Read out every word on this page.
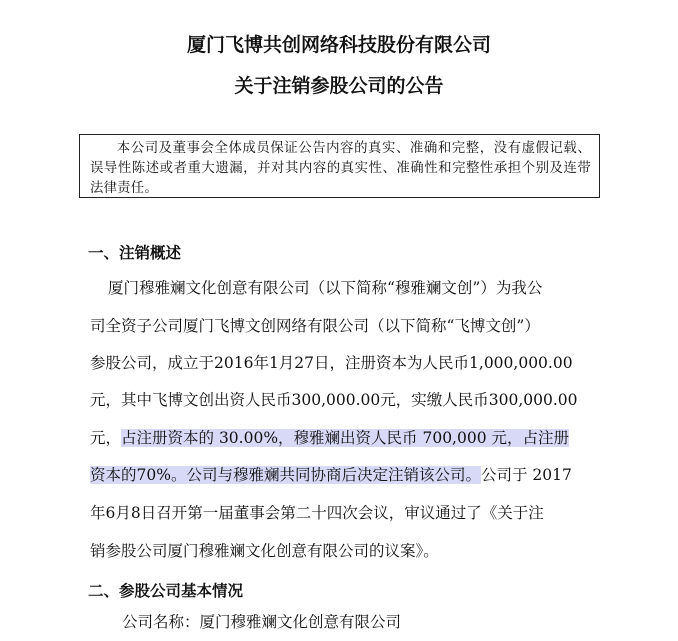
厦门飞博共创网络科技股份有限公司
关于注销参股公司的公告
本公司及董事会全体成员保证公告内容的真实、准确和完整，没有虚假记载、误导性陈述或者重大遗漏，并对其内容的真实性、准确性和完整性承担个别及连带法律责任。
一、注销概述
厦门穆雅斓文化创意有限公司（以下简称“穆雅斓文创”）为我公
司全资子公司厦门飞博文创网络有限公司（以下简称“飞博文创”）
参股公司，成立于2016年1月27日，注册资本为人民币1,000,000.00
元，其中飞博文创出资人民币300,000.00元，实缴人民币300,000.00
元，占注册资本的 30.00%，穆雅斓出资人民币 700,000 元，占注册
资本的70%。公司与穆雅斓共同协商后决定注销该公司。公司于 2017
年6月8日召开第一届董事会第二十四次会议，审议通过了《关于注
销参股公司厦门穆雅斓文化创意有限公司的议案》。
二、参股公司基本情况
公司名称：厦门穆雅斓文化创意有限公司
